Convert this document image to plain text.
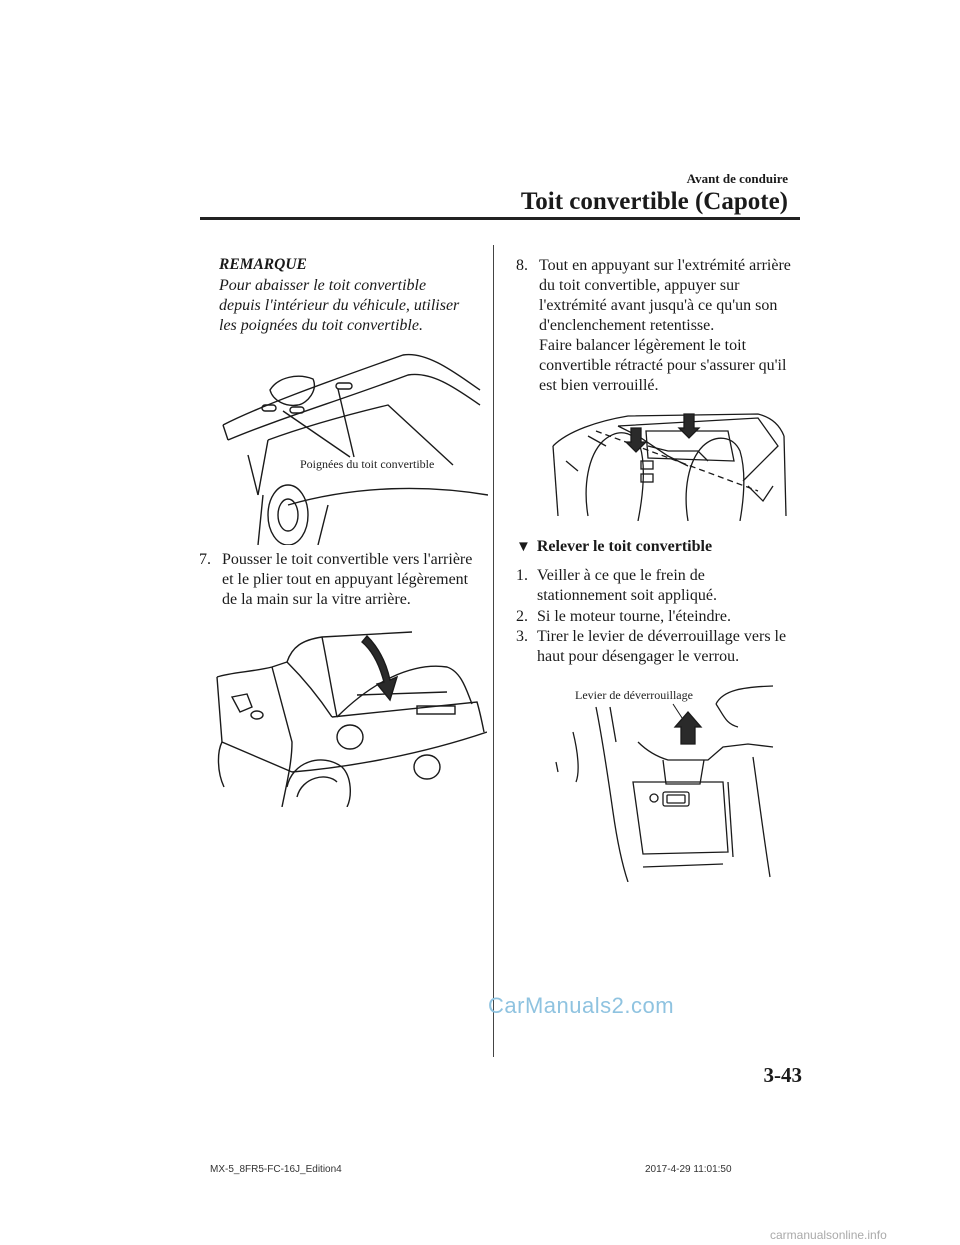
Avant de conduire
Toit convertible (Capote)
REMARQUE
Pour abaisser le toit convertible
depuis l'intérieur du véhicule, utiliser
les poignées du toit convertible.
Poignées du toit convertible
7. Pousser le toit convertible vers l'arrière
et le plier tout en appuyant légèrement
de la main sur la vitre arrière.
8. Tout en appuyant sur l'extrémité arrière
du toit convertible, appuyer sur
l'extrémité avant jusqu'à ce qu'un son
d'enclenchement retentisse.
Faire balancer légèrement le toit
convertible rétracté pour s'assurer qu'il
est bien verrouillé.
▼ Relever le toit convertible
1. Veiller à ce que le frein de
stationnement soit appliqué.
2. Si le moteur tourne, l'éteindre.
3. Tirer le levier de déverrouillage vers le
haut pour désengager le verrou.
Levier de déverrouillage
CarManuals2.com
3-43
MX-5_8FR5-FC-16J_Edition4	2017-4-29 11:01:50
carmanualsonline.info
